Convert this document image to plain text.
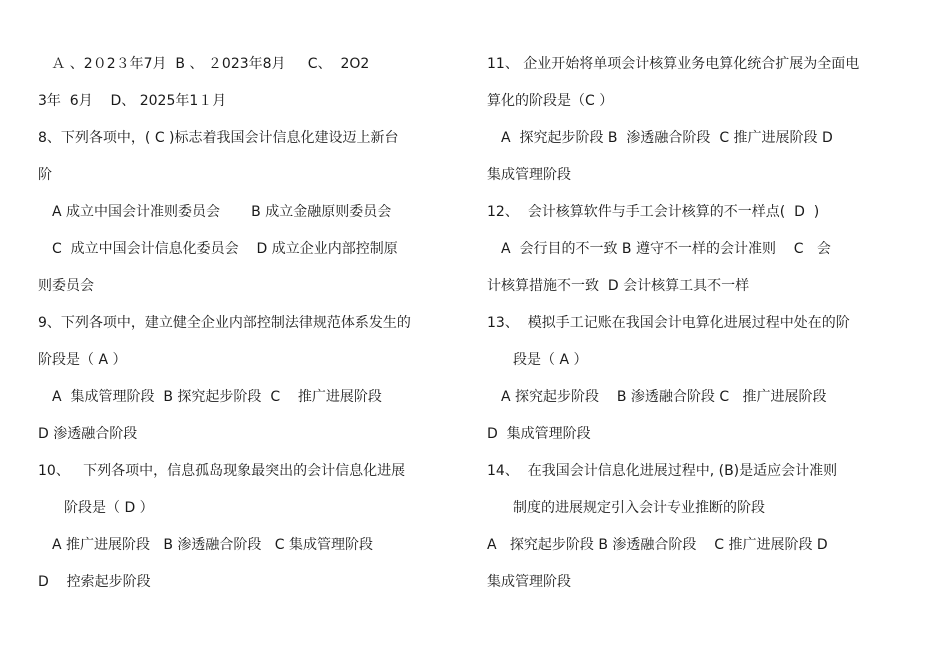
Ａ 、2０2３年7月  B 、 ２023年8月     C、  2O2
3年  6月    D、 2025年1１月
8、下列各项中，( C )标志着我国会计信息化建设迈上新台
阶
A 成立中国会计准则委员会       B 成立金融原则委员会
C  成立中国会计信息化委员会    D 成立企业内部控制原
则委员会
9、下列各项中，建立健全企业内部控制法律规范体系发生的
阶段是（ A ）
A  集成管理阶段  B 探究起步阶段  C    推广进展阶段
D 渗透融合阶段
10、   下列各项中，信息孤岛现象最突出的会计信息化进展
阶段是（ D ）
A 推广进展阶段   B 渗透融合阶段   C 集成管理阶段
D    控索起步阶段
11、 企业开始将单项会计核算业务电算化统合扩展为全面电
算化的阶段是（C ）
A  探究起步阶段 B  渗透融合阶段  C 推广进展阶段 D
集成管理阶段
12、  会计核算软件与手工会计核算的不一样点(  D  )
A  会行目的不一致 B 遵守不一样的会计准则    C   会
计核算措施不一致  D 会计核算工具不一样
13、  模拟手工记账在我国会计电算化进展过程中处在的阶
段是（ A ）
A 探究起步阶段    B 渗透融合阶段 C   推广进展阶段
D  集成管理阶段
14、  在我国会计信息化进展过程中, (B)是适应会计准则
制度的进展规定引入会计专业推断的阶段
A   探究起步阶段 B 渗透融合阶段    C 推广进展阶段 D
集成管理阶段
